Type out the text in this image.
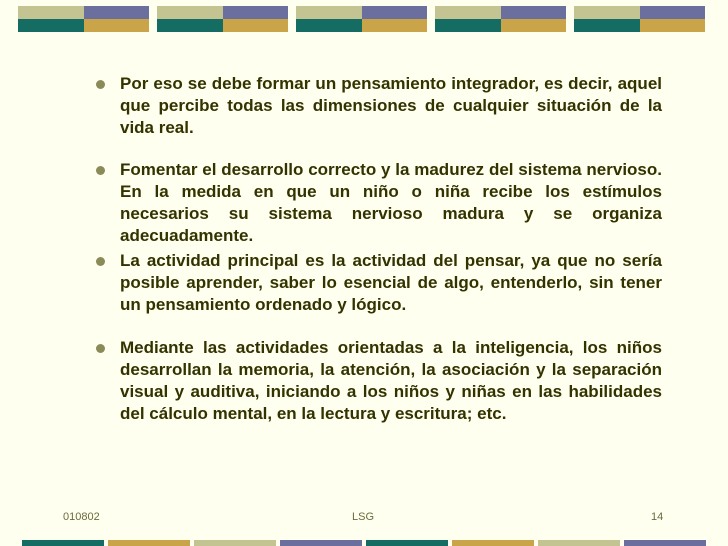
Por eso se debe formar un pensamiento integrador, es decir, aquel que percibe todas las dimensiones de cualquier situación de la vida real.
Fomentar el desarrollo correcto y la madurez del sistema nervioso. En la medida en que un niño o niña recibe los estímulos necesarios su sistema nervioso madura y se organiza adecuadamente.
La actividad principal es la actividad del pensar, ya que no sería posible aprender, saber lo esencial de algo, entenderlo, sin tener un pensamiento ordenado y lógico.
Mediante las actividades orientadas a la inteligencia, los niños desarrollan la memoria, la atención, la asociación y la separación visual y auditiva, iniciando a los niños y niñas en las habilidades del cálculo mental, en la lectura y escritura; etc.
010802	LSG	14
